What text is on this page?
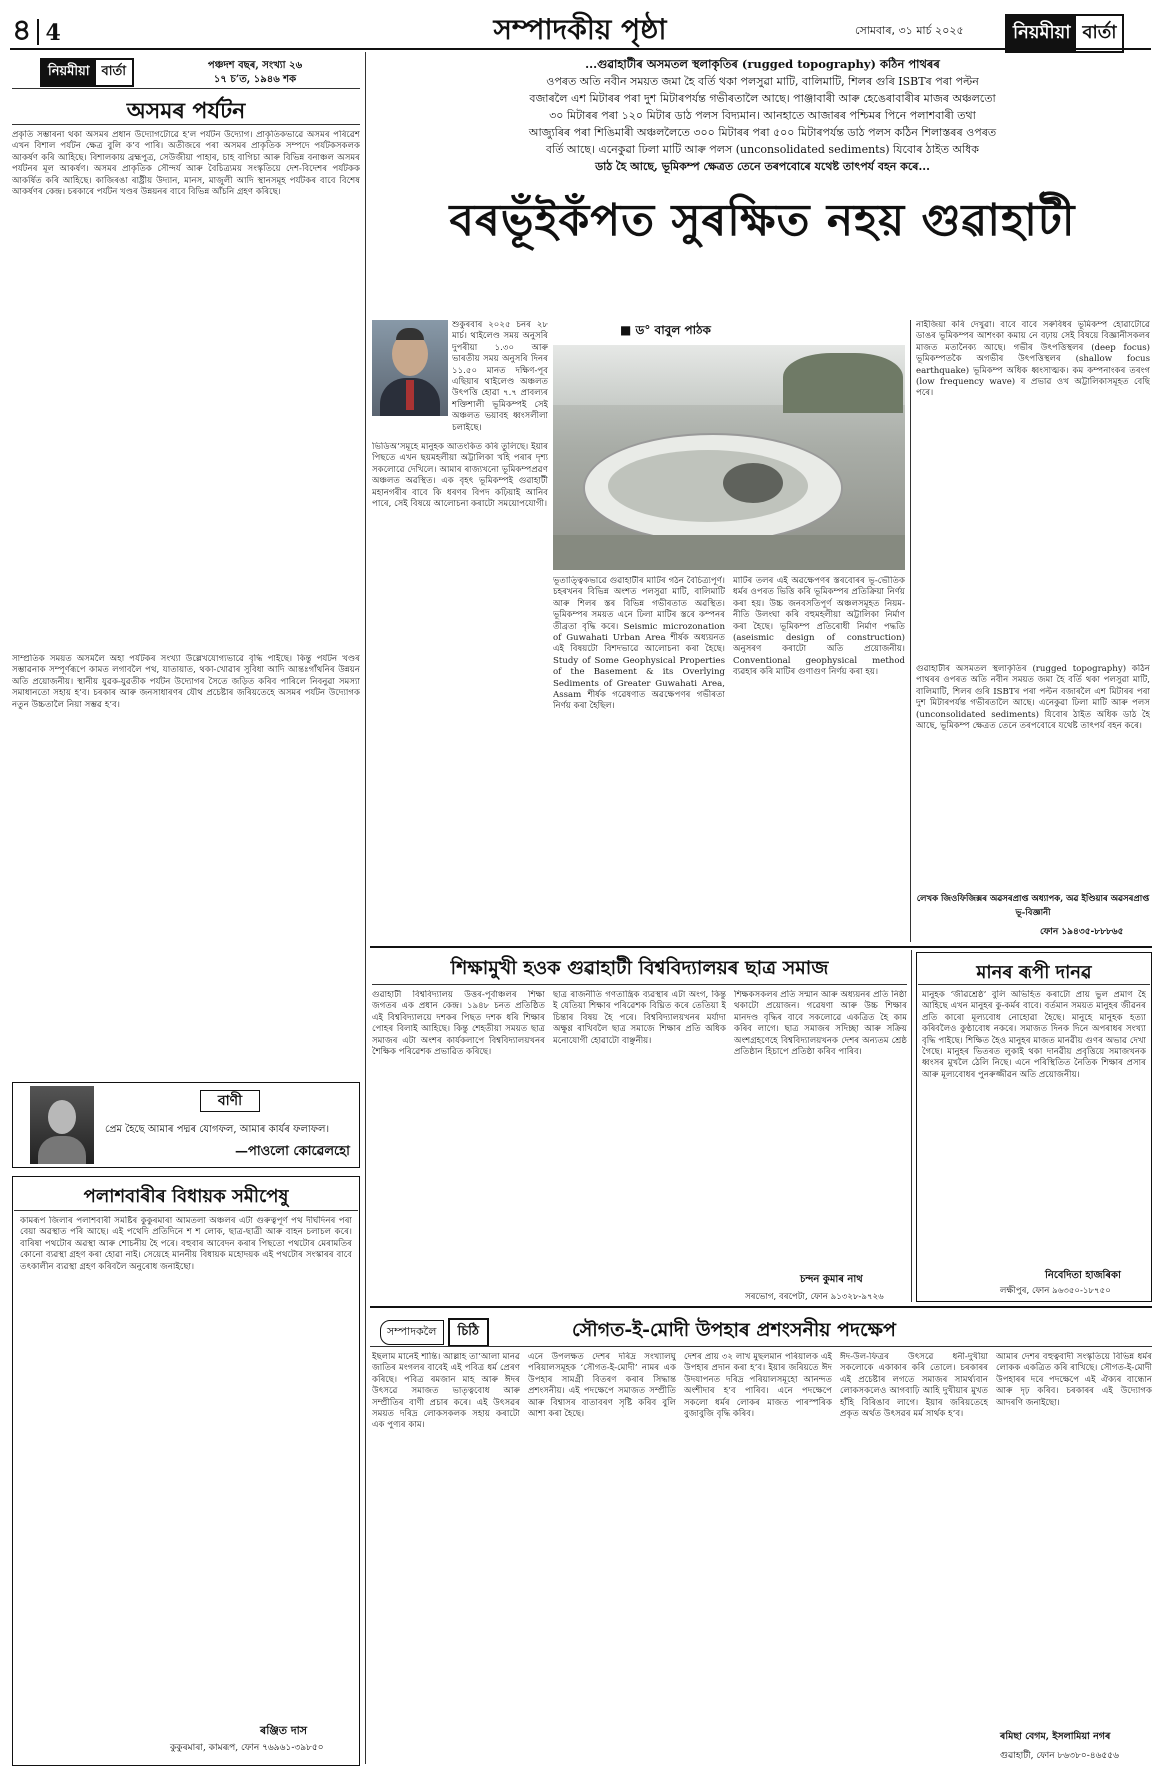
৪ 4	সম্পাদকীয় পৃষ্ঠা	সোমবাৰ, ৩১ মাৰ্চ ২০২৫	নিয়মীয়া বাৰ্তা
নিয়মীয়া বাৰ্তা	পঞ্চদশ বছৰ, সংখ্যা ২৬
১৭ চ’ত, ১৯৪৬ শক
অসমৰ পৰ্যটন
প্ৰকৃতি সম্ভাৰনা থকা অসমৰ প্ৰধান উদ্যোগটোৱে হ’ল পৰ্যটন উদ্যোগ। প্ৰাকৃতিকভাৱে অসমৰ পৰিৱেশ এখন বিশাল পৰ্যটন ক্ষেত্ৰ বুলি ক’ব পাৰি। অতীজৰে পৰা অসমৰ প্ৰাকৃতিক সম্পদে পৰ্যটকসকলক আকৰ্ষণ কৰি আহিছে। বিশালকায় ব্ৰহ্মপুত্ৰ, সেউজীয়া পাহাৰ, চাহ বাগিচা আৰু বিভিন্ন বনাঞ্চল অসমৰ পৰ্যটনৰ মূল আকৰ্ষণ। অসমৰ প্ৰাকৃতিক সৌন্দৰ্য আৰু বৈচিত্ৰ্যময় সংস্কৃতিয়ে দেশ-বিদেশৰ পৰ্যটকক আকৰ্ষিত কৰি আহিছে। কাজিৰঙা ৰাষ্ট্ৰীয় উদ্যান, মানস, মাজুলী আদি স্থানসমূহ পৰ্যটকৰ বাবে বিশেষ আকৰ্ষণৰ কেন্দ্ৰ। চৰকাৰে পৰ্যটন খণ্ডৰ উন্নয়নৰ বাবে বিভিন্ন আঁচনি গ্ৰহণ কৰিছে।
সাম্প্ৰতিক সময়ত অসমলৈ অহা পৰ্যটকৰ সংখ্যা উল্লেখযোগ্যভাৱে বৃদ্ধি পাইছে। কিন্তু পৰ্যটন খণ্ডৰ সম্ভাৱনাক সম্পূৰ্ণৰূপে কামত লগাবলৈ পথ, যাতায়াত, থকা-খোৱাৰ সুবিধা আদি আন্তঃগাঁথনিৰ উন্নয়ন অতি প্ৰয়োজনীয়। স্থানীয় যুৱক-যুৱতীক পৰ্যটন উদ্যোগৰ সৈতে জড়িত কৰিব পাৰিলে নিবনুৱা সমস্যা সমাধানতো সহায় হ’ব। চৰকাৰ আৰু জনসাধাৰণৰ যৌথ প্ৰচেষ্টাৰ জৰিয়তেহে অসমৰ পৰ্যটন উদ্যোগক নতুন উচ্চতালৈ নিয়া সম্ভৱ হ’ব।
বাণী
প্ৰেম হৈছে আমাৰ পদ্মৰ যোগফল, আমাৰ কাৰ্যৰ ফলাফল।
—পাওলো কোৱেলহো
পলাশবাৰীৰ বিধায়ক সমীপেষু
কামৰূপ জিলাৰ পলাশবাৰী সমষ্টিৰ কুকুৰমাৰা আমতলা অঞ্চলৰ এটা গুৰুত্বপূৰ্ণ পথ দীৰ্ঘদিনৰ পৰা বেয়া অৱস্থাত পৰি আছে। এই পথেদি প্ৰতিদিনে শ শ লোক, ছাত্ৰ-ছাত্ৰী আৰু বাহন চলাচল কৰে। বাৰিষা পথটোৰ অৱস্থা আৰু শোচনীয় হৈ পৰে। বহুবাৰ আবেদন কৰাৰ পিছতো পথটোৰ মেৰামতিৰ কোনো ব্যৱস্থা গ্ৰহণ কৰা হোৱা নাই। সেয়েহে মাননীয় বিধায়ক মহোদয়ক এই পথটোৰ সংস্কাৰৰ বাবে তৎকালীন ব্যৱস্থা গ্ৰহণ কৰিবলৈ অনুৰোধ জনাইছো।
ৰঞ্জিত দাস
কুকুৰমাৰা, কামৰূপ, ফোন ৭৬৯৬১-৩৯৮৫০
...গুৱাহাটীৰ অসমতল স্থলাকৃতিৰ (rugged topography) কঠিন পাথৰৰ
ওপৰত অতি নবীন সময়ত জমা হৈ বৰ্তি থকা পলসুৱা মাটি, বালিমাটি, শিলৰ গুৰি ISBTৰ পৰা পল্টন
বজাৰলৈ এশ মিটাৰৰ পৰা দুশ মিটাৰপৰ্যন্ত গভীৰতালৈ আছে। পাঞ্জাবাৰী আৰু হেঙেৰাবাৰীৰ মাজৰ অঞ্চলতো
৩০ মিটাৰৰ পৰা ১২০ মিটাৰ ডাঠ পলস বিদ্যমান। আনহাতে আজাৰৰ পশ্চিমৰ পিনে পলাশবাৰী তথা
আজ্যুৰিৰ পৰা শিঙিমাৰী অঞ্চললৈতে ৩০০ মিটাৰৰ পৰা ৫০০ মিটাৰপৰ্যন্ত ডাঠ পলস কঠিন শিলাস্তৰৰ ওপৰত
বৰ্তি আছে। এনেকুৱা ঢিলা মাটি আৰু পলস (unconsolidated sediments) যিবোৰ ঠাইত অধিক
ডাঠ হৈ আছে, ভূমিকম্প ক্ষেত্ৰত তেনে তৰপবোৰে যথেষ্ট তাৎপৰ্য বহন কৰে...
বৰভূঁইকঁপত সুৰক্ষিত নহয় গুৱাহাটী
শুকুৰবাৰ ২০২৫ চনৰ ২৮ মাৰ্চ। থাইলেণ্ড সময় অনুসৰি দুপৰীয়া ১.৩০ আৰু ভাৰতীয় সময় অনুসৰি দিনৰ ১১.৫০ মানত দক্ষিণ-পূব এছিয়াৰ থাইলেণ্ড অঞ্চলত উৎপত্তি হোৱা ৭.৭ প্ৰাবল্যৰ শক্তিশালী ভূমিকম্পই সেই অঞ্চলত ভয়াবহ ধ্বংসলীলা চলাইছে।
ভিডিঅ’সমূহে মানুহক আতংকিত কৰি তুলিছে। ইয়াৰ পিছতে এখন ছয়মহলীয়া অট্টালিকা খহি পৰাৰ দৃশ্য সকলোৱে দেখিলে। আমাৰ ৰাজ্যখনো ভূমিকম্পপ্ৰৱণ অঞ্চলত অৱস্থিত। এক বৃহৎ ভূমিকম্পই গুৱাহাটী মহানগৰীৰ বাবে কি ধৰণৰ বিপদ কঢ়িয়াই আনিব পাৰে, সেই বিষয়ে আলোচনা কৰাটো সময়োপযোগী।
■ ড° বাবুল পাঠক
ভূতাত্ত্বিকভাৱে গুৱাহাটীৰ মাটিৰ গঠন বৈচিত্ৰ্যপূৰ্ণ। চহৰখনৰ বিভিন্ন অংশত পলসুৱা মাটি, বালিমাটি আৰু শিলৰ স্তৰ বিভিন্ন গভীৰতাত অৱস্থিত। ভূমিকম্পৰ সময়ত এনে ঢিলা মাটিৰ স্তৰে কম্পনৰ তীব্ৰতা বৃদ্ধি কৰে। Seismic microzonation of Guwahati Urban Area শীৰ্ষক অধ্যয়নত এই বিষয়টো বিশদভাৱে আলোচনা কৰা হৈছে। Study of Some Geophysical Properties of the Basement & its Overlying Sediments of Greater Guwahati Area, Assam শীৰ্ষক গৱেষণাত অৱক্ষেপণৰ গভীৰতা নিৰ্ণয় কৰা হৈছিল।
মাটিৰ তলৰ এই অৱক্ষেপণৰ স্তৰবোৰৰ ভূ-ভৌতিক ধৰ্মৰ ওপৰত ভিত্তি কৰি ভূমিকম্পৰ প্ৰতিক্ৰিয়া নিৰ্ণয় কৰা হয়। উচ্চ জনবসতিপূৰ্ণ অঞ্চলসমূহত নিয়ম-নীতি উলংঘা কৰি বহুমহলীয়া অট্টালিকা নিৰ্মাণ কৰা হৈছে। ভূমিকম্প প্ৰতিৰোধী নিৰ্মাণ পদ্ধতি (aseismic design of construction) অনুসৰণ কৰাটো অতি প্ৰয়োজনীয়। Conventional geophysical method ব্যৱহাৰ কৰি মাটিৰ গুণাগুণ নিৰ্ণয় কৰা হয়।
নাইজিয়া কৰি দেখুৱা। বাবে বাবে সৰুবিধৰ ভূমিকম্প হোৱাটোৱে ডাঙৰ ভূমিকম্পৰ আশংকা কমায় নে বঢ়ায় সেই বিষয়ে বিজ্ঞানীসকলৰ মাজত মতানৈক্য আছে। গভীৰ উৎপত্তিস্থলৰ (deep focus) ভূমিকম্পতকৈ অগভীৰ উৎপত্তিস্থলৰ (shallow focus earthquake) ভূমিকম্প অধিক ধ্বংসাত্মক। কম কম্পনাংকৰ তৰংগ (low frequency wave) ৰ প্ৰভাৱ ওখ অট্টালিকাসমূহত বেছি পৰে।
গুৱাহাটীৰ অসমতল স্থলাকৃতিৰ (rugged topography) কঠিন পাথৰৰ ওপৰত অতি নবীন সময়ত জমা হৈ বৰ্তি থকা পলসুৱা মাটি, বালিমাটি, শিলৰ গুৰি ISBTৰ পৰা পল্টন বজাৰলৈ এশ মিটাৰৰ পৰা দুশ মিটাৰপৰ্যন্ত গভীৰতালৈ আছে। এনেকুৱা ঢিলা মাটি আৰু পলস (unconsolidated sediments) যিবোৰ ঠাইত অধিক ডাঠ হৈ আছে, ভূমিকম্প ক্ষেত্ৰত তেনে তৰপবোৰে যথেষ্ট তাৎপৰ্য বহন কৰে।
লেখক জিওফিজিক্সৰ অৱসৰপ্ৰাপ্ত অধ্যাপক, অৱ ইণ্ডিয়াৰ অৱসৰপ্ৰাপ্ত ভূ-বিজ্ঞানী
ফোন ১৯৪৩৫-৮৮৮৬৫
শিক্ষামুখী হওক গুৱাহাটী বিশ্ববিদ্যালয়ৰ ছাত্ৰ সমাজ
গুৱাহাটী বিশ্ববিদ্যালয় উত্তৰ-পূৰ্বাঞ্চলৰ শিক্ষা জগতৰ এক প্ৰধান কেন্দ্ৰ। ১৯৪৮ চনত প্ৰতিষ্ঠিত এই বিশ্ববিদ্যালয়ে দশকৰ পিছত দশক ধৰি শিক্ষাৰ পোহৰ বিলাই আহিছে। কিন্তু শেহতীয়া সময়ত ছাত্ৰ সমাজৰ এটা অংশৰ কাৰ্যকলাপে বিশ্ববিদ্যালয়খনৰ শৈক্ষিক পৰিৱেশক প্ৰভাৱিত কৰিছে।
ছাত্ৰ ৰাজনীতি গণতান্ত্ৰিক ব্যৱস্থাৰ এটা অংগ, কিন্তু ই যেতিয়া শিক্ষাৰ পৰিৱেশক বিঘ্নিত কৰে তেতিয়া ই চিন্তাৰ বিষয় হৈ পৰে। বিশ্ববিদ্যালয়খনৰ মৰ্যাদা অক্ষুণ্ণ ৰাখিবলৈ ছাত্ৰ সমাজে শিক্ষাৰ প্ৰতি অধিক মনোযোগী হোৱাটো বাঞ্ছনীয়।
শিক্ষকসকলৰ প্ৰতি সন্মান আৰু অধ্যয়নৰ প্ৰতি নিষ্ঠা থকাটো প্ৰয়োজন। গৱেষণা আৰু উচ্চ শিক্ষাৰ মানদণ্ড বৃদ্ধিৰ বাবে সকলোৱে একত্ৰিত হৈ কাম কৰিব লাগে। ছাত্ৰ সমাজৰ সদিচ্ছা আৰু সক্ৰিয় অংশগ্ৰহণেহে বিশ্ববিদ্যালয়খনক দেশৰ অন্যতম শ্ৰেষ্ঠ প্ৰতিষ্ঠান হিচাপে প্ৰতিষ্ঠা কৰিব পাৰিব।
চন্দন কুমাৰ নাথ
সৰভোগ, বৰপেটা, ফোন ৯১৩২৮-৯৭২৬
মানৰ ৰূপী দানৱ
মানুহক ‘জীৱশ্ৰেষ্ঠ’ বুলি অভিহিত কৰাটো প্ৰায় ভুল প্ৰমাণ হৈ আহিছে এখন মানুহৰ কু-কৰ্মৰ বাবে। বৰ্তমান সময়ত মানুহৰ জীৱনৰ প্ৰতি কাৰো মূল্যবোধ নোহোৱা হৈছে। মানুহে মানুহক হত্যা কৰিবলৈও কুণ্ঠাবোধ নকৰে। সমাজত দিনক দিনে অপৰাধৰ সংখ্যা বৃদ্ধি পাইছে। শিক্ষিত হৈও মানুহৰ মাজত মানৱীয় গুণৰ অভাৱ দেখা গৈছে। মানুহৰ ভিতৰত লুকাই থকা দানৱীয় প্ৰবৃত্তিয়ে সমাজখনক ধ্বংসৰ মুখলৈ ঠেলি নিছে। এনে পৰিস্থিতিত নৈতিক শিক্ষাৰ প্ৰসাৰ আৰু মূল্যবোধৰ পুনৰুজ্জীৱন অতি প্ৰয়োজনীয়।
নিবেদিতা হাজৰিকা
লক্ষীপুৰ, ফোন ৯৬৩৫০-১৮৭৫০
সম্পাদকলৈ	চিঠি	সৌগত-ই-মোদী উপহাৰ প্ৰশংসনীয় পদক্ষেপ
ইছলাম মানেই শান্তি। আল্লাহ তা’আলা মানৱ জাতিৰ মংগলৰ বাবেই এই পবিত্ৰ ধৰ্ম প্ৰেৰণ কৰিছে। পবিত্ৰ ৰমজান মাহ আৰু ঈদৰ উৎসৱে সমাজত ভাতৃত্ববোধ আৰু সম্প্ৰীতিৰ বাণী প্ৰচাৰ কৰে। এই উৎসৱৰ সময়ত দৰিদ্ৰ লোকসকলক সহায় কৰাটো এক পুণ্যৰ কাম।
এনে উপলক্ষত দেশৰ দৰিদ্ৰ সংখ্যালঘু পৰিয়ালসমূহক ‘সৌগত-ই-মোদী’ নামৰ এক উপহাৰ সামগ্ৰী বিতৰণ কৰাৰ সিদ্ধান্ত প্ৰশংসনীয়। এই পদক্ষেপে সমাজত সম্প্ৰীতি আৰু বিশ্বাসৰ বাতাবৰণ সৃষ্টি কৰিব বুলি আশা কৰা হৈছে।
দেশৰ প্ৰায় ৩২ লাখ মুছলমান পৰিয়ালক এই উপহাৰ প্ৰদান কৰা হ’ব। ইয়াৰ জৰিয়তে ঈদ উদযাপনত দৰিদ্ৰ পৰিয়ালসমূহো আনন্দত অংশীদাৰ হ’ব পাৰিব। এনে পদক্ষেপে সকলো ধৰ্মৰ লোকৰ মাজত পাৰস্পৰিক বুজাবুজি বৃদ্ধি কৰিব।
ঈদ-উল-ফিত্ৰৰ উৎসৱে ধনী-দুখীয়া সকলোকে একাকাৰ কৰি তোলে। চৰকাৰৰ এই প্ৰচেষ্টাৰ লগতে সমাজৰ সামৰ্থ্যবান লোকসকলেও আগবাঢ়ি আহি দুখীয়াৰ মুখত হাঁহি বিৰিঙাব লাগে। ইয়াৰ জৰিয়তেহে প্ৰকৃত অৰ্থত উৎসৱৰ মৰ্ম সাৰ্থক হ’ব।
আমাৰ দেশৰ বহুত্ববাদী সংস্কৃতিয়ে বিভিন্ন ধৰ্মৰ লোকক একত্ৰিত কৰি ৰাখিছে। সৌগত-ই-মোদী উপহাৰৰ দৰে পদক্ষেপে এই ঐক্যৰ বান্ধোন আৰু দৃঢ় কৰিব। চৰকাৰৰ এই উদ্যোগক আদৰণি জনাইছো।
ৰমিছা বেগম, ইসলামিয়া নগৰ
গুৱাহাটী, ফোন ৮৬৩৮০-৪৬৫৫৬
